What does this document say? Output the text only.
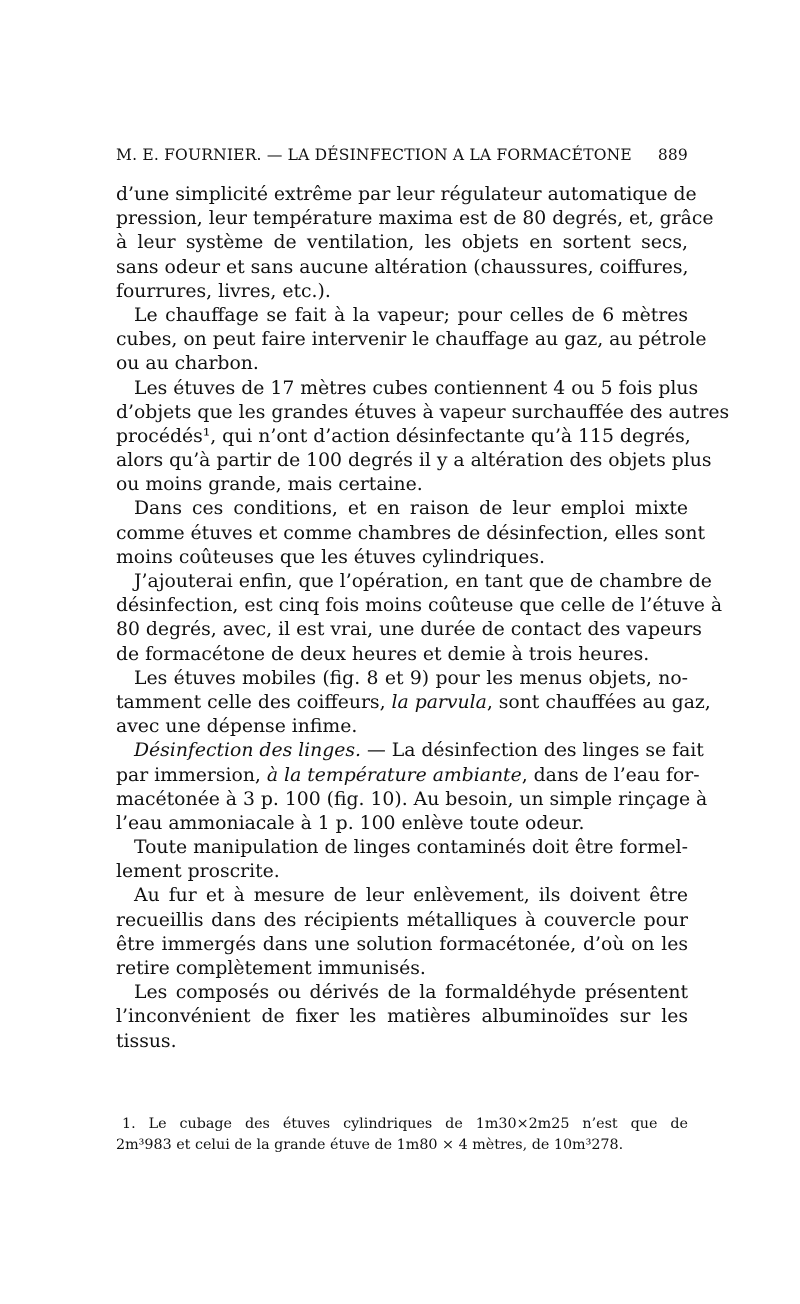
M. E. FOURNIER. — LA DÉSINFECTION A LA FORMACÉTONE 889
d’une simplicité extrême par leur régulateur automatique de
pression, leur température maxima est de 80 degrés, et, grâce
à leur système de ventilation, les objets en sortent secs,
sans odeur et sans aucune altération (chaussures, coiffures,
fourrures, livres, etc.).
Le chauffage se fait à la vapeur; pour celles de 6 mètres
cubes, on peut faire intervenir le chauffage au gaz, au pétrole
ou au charbon.
Les étuves de 17 mètres cubes contiennent 4 ou 5 fois plus
d’objets que les grandes étuves à vapeur surchauffée des autres
procédés¹, qui n’ont d’action désinfectante qu’à 115 degrés,
alors qu’à partir de 100 degrés il y a altération des objets plus
ou moins grande, mais certaine.
Dans ces conditions, et en raison de leur emploi mixte
comme étuves et comme chambres de désinfection, elles sont
moins coûteuses que les étuves cylindriques.
J’ajouterai enfin, que l’opération, en tant que de chambre de
désinfection, est cinq fois moins coûteuse que celle de l’étuve à
80 degrés, avec, il est vrai, une durée de contact des vapeurs
de formacétone de deux heures et demie à trois heures.
Les étuves mobiles (fig. 8 et 9) pour les menus objets, no-
tamment celle des coiffeurs, la parvula, sont chauffées au gaz,
avec une dépense infime.
Désinfection des linges. — La désinfection des linges se fait
par immersion, à la température ambiante, dans de l’eau for-
macétonée à 3 p. 100 (fig. 10). Au besoin, un simple rinçage à
l’eau ammoniacale à 1 p. 100 enlève toute odeur.
Toute manipulation de linges contaminés doit être formel-
lement proscrite.
Au fur et à mesure de leur enlèvement, ils doivent être
recueillis dans des récipients métalliques à couvercle pour
être immergés dans une solution formacétonée, d’où on les
retire complètement immunisés.
Les composés ou dérivés de la formaldéhyde présentent
l’inconvénient de fixer les matières albuminoïdes sur les
tissus.
1. Le cubage des étuves cylindriques de 1m30×2m25 n’est que de
2m³983 et celui de la grande étuve de 1m80 × 4 mètres, de 10m³278.
